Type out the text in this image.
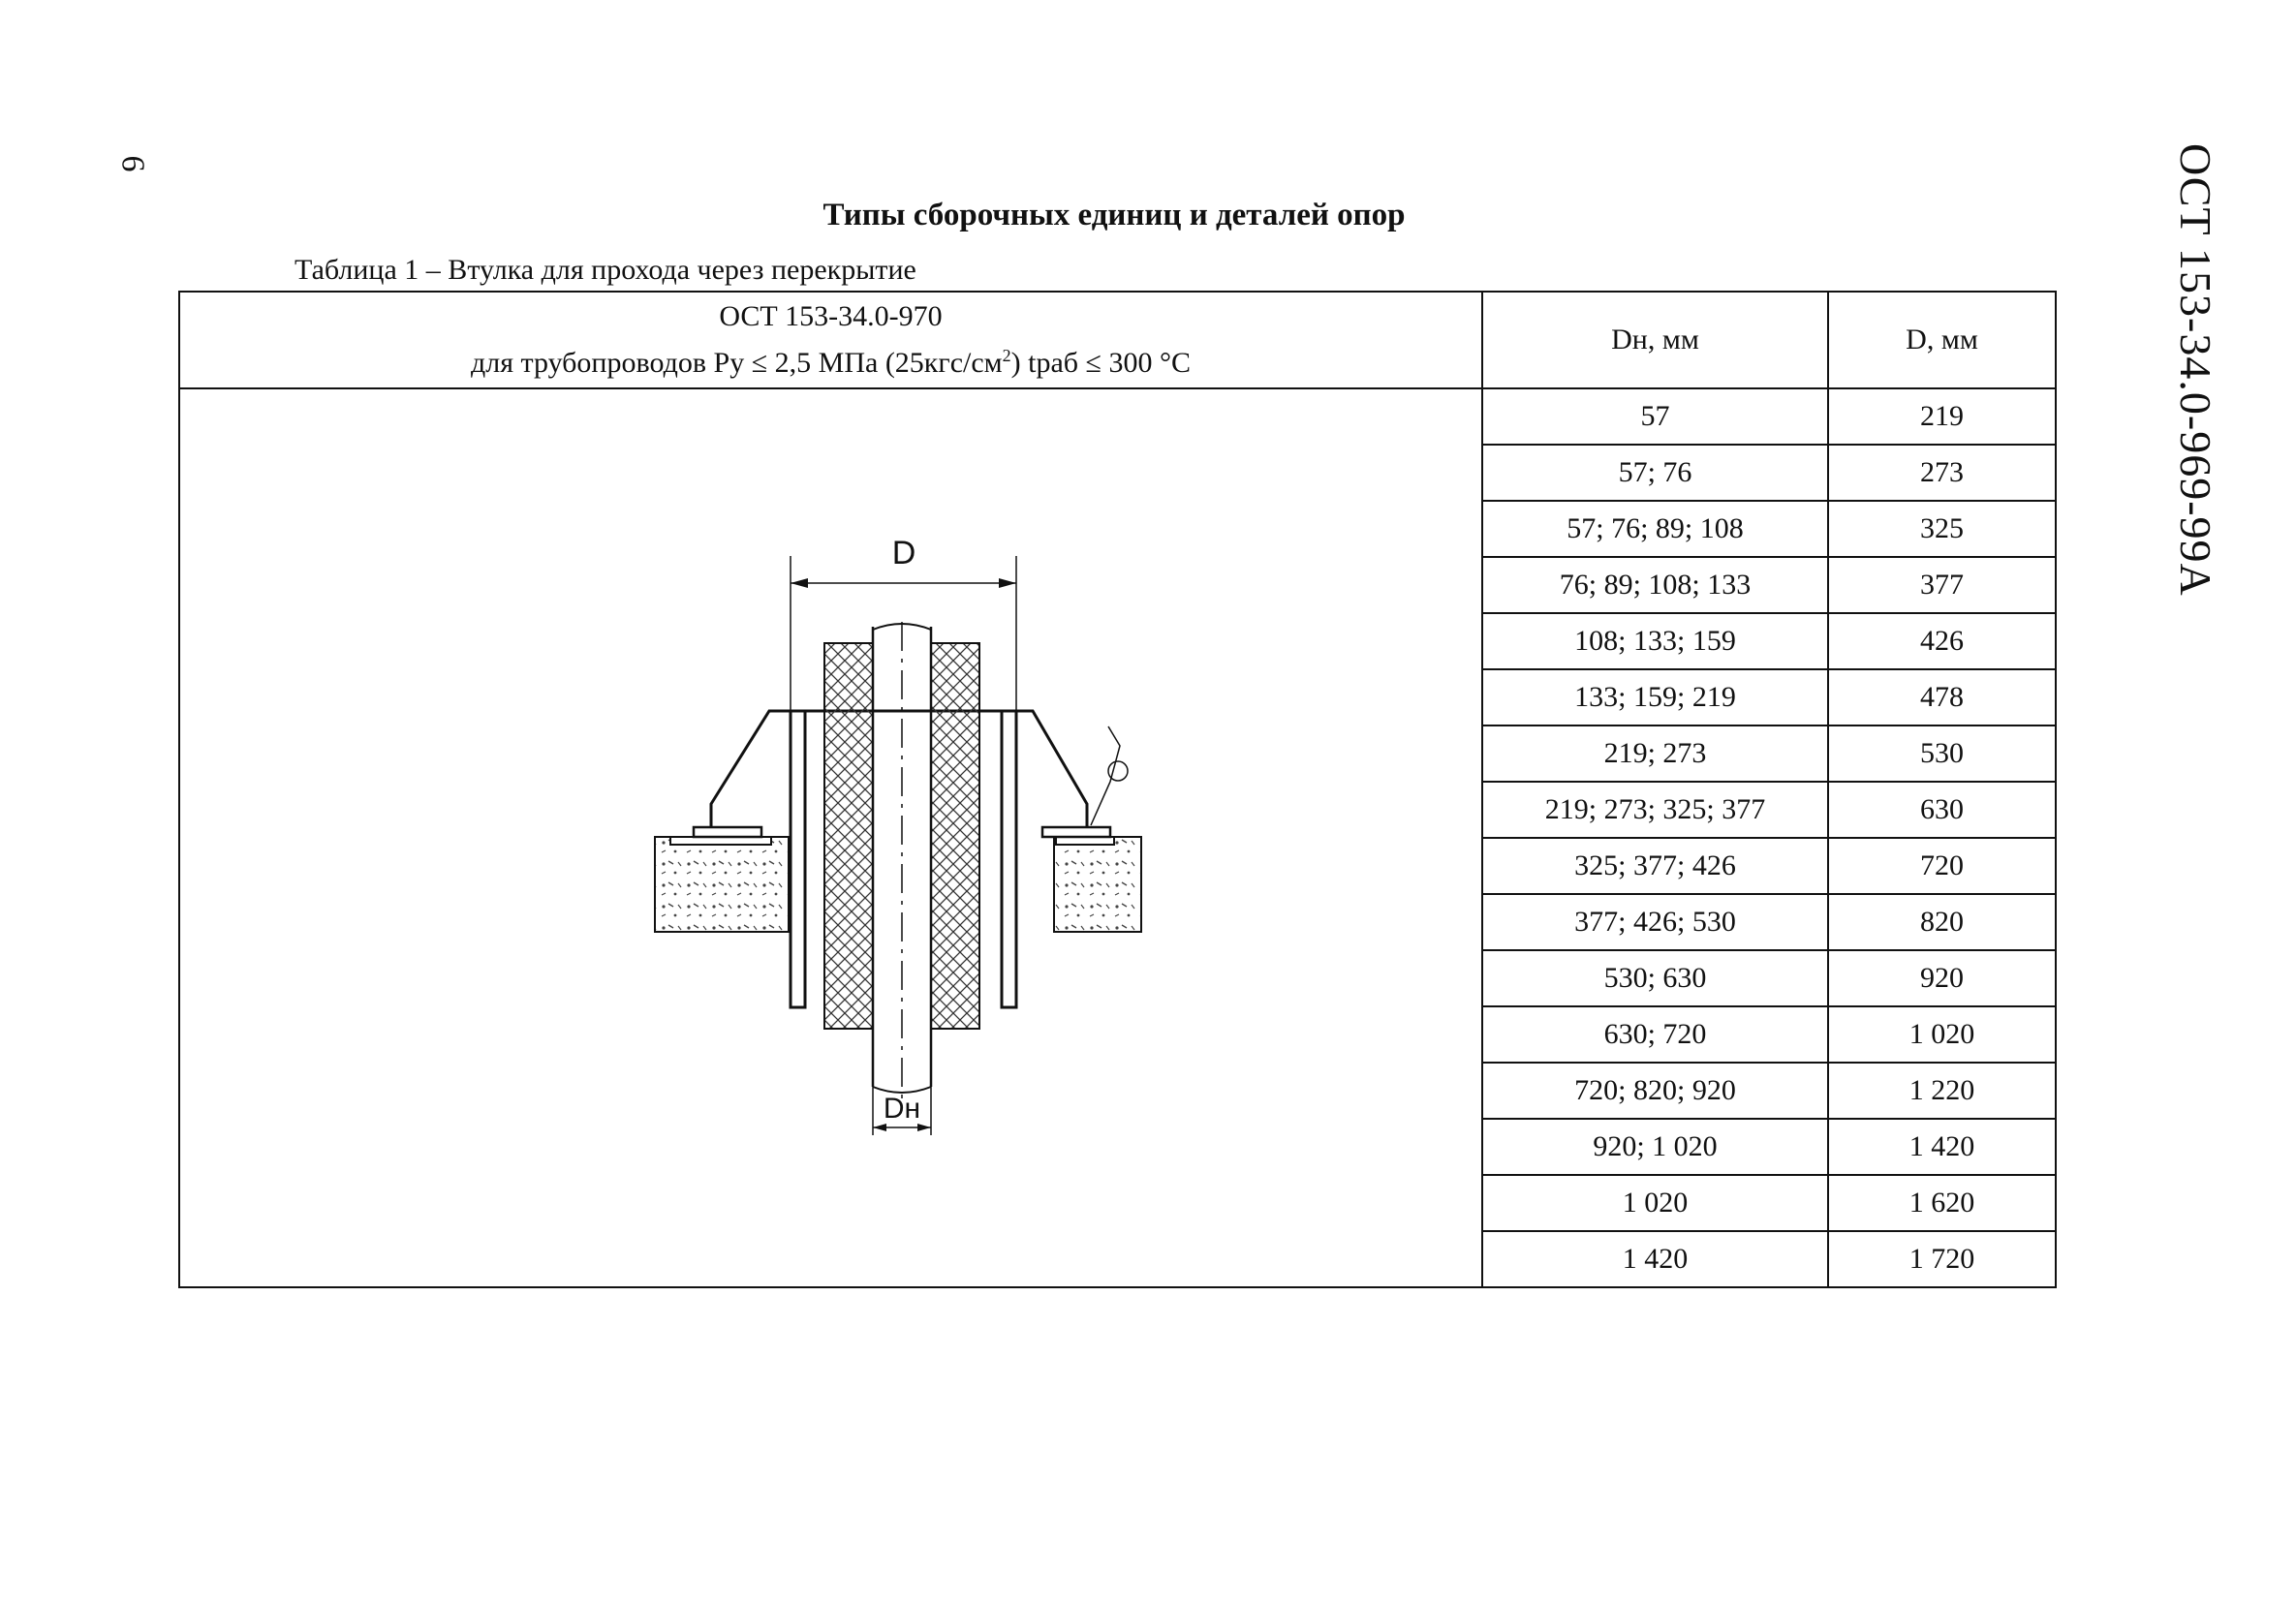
6	ОСТ 153-34.0-969-99А
Типы сборочных единиц и деталей опор
Таблица 1 – Втулка для прохода через перекрытие
ОСТ 153-34.0-970
для трубопроводов Ру ≤ 2,5 МПа $(25кгс/см^2)$ tраб ≤ 300 °С	Dн, мм	D, мм

D
Dн	57	219
	57; 76	273
	57; 76; 89; 108	325
	76; 89; 108; 133	377
	108; 133; 159	426
	133; 159; 219	478
	219; 273	530
	219; 273; 325; 377	630
	325; 377; 426	720
	377; 426; 530	820
	530; 630	920
	630; 720	1 020
	720; 820; 920	1 220
	920; 1 020	1 420
	1 020	1 620
	1 420	1 720
